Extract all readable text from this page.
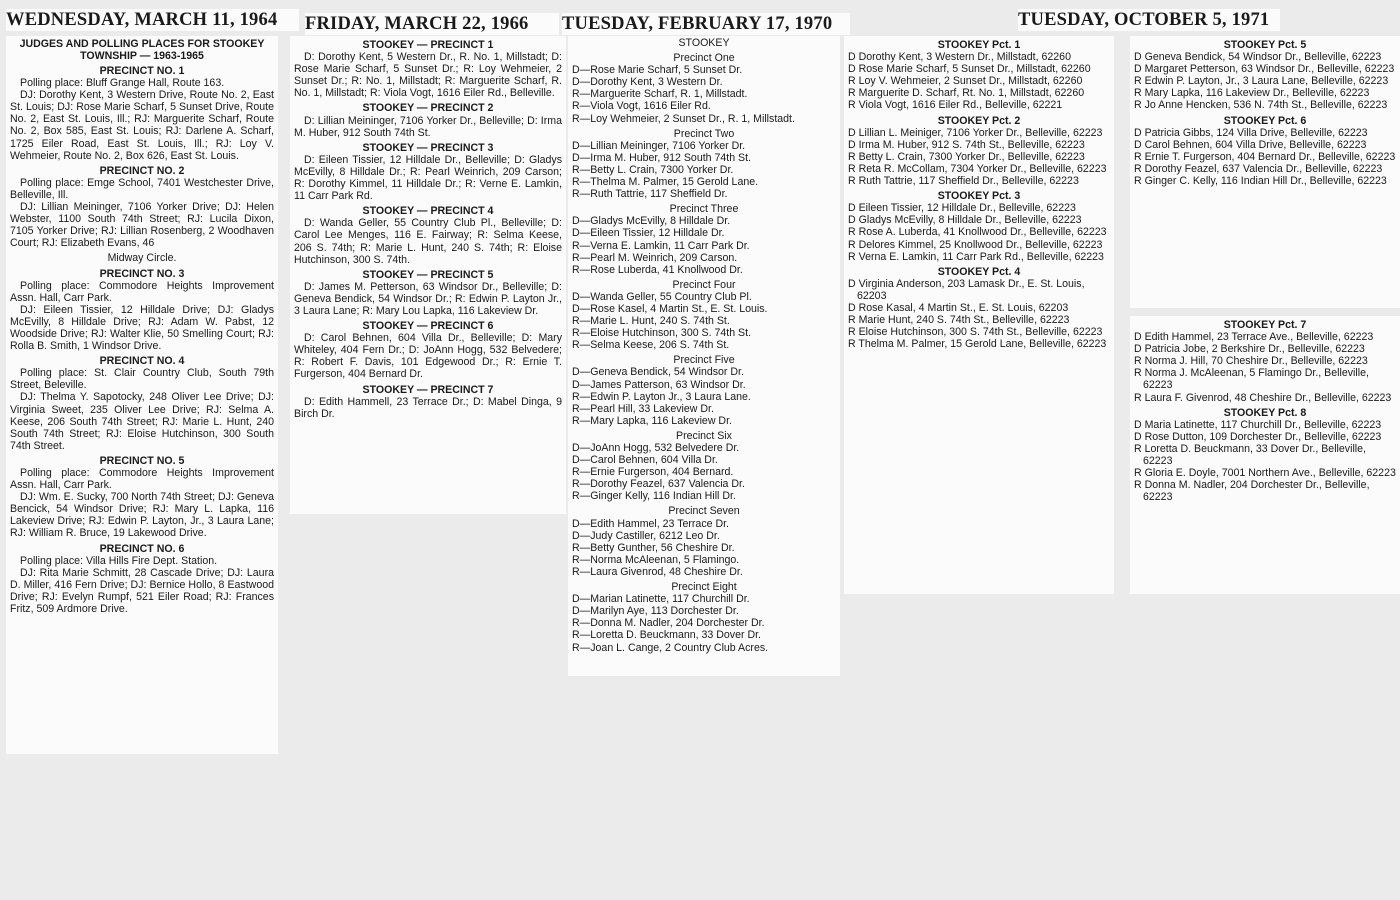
WEDNESDAY, MARCH 11, 1964	FRIDAY, MARCH 22, 1966	TUESDAY, FEBRUARY 17, 1970	TUESDAY, OCTOBER 5, 1971
JUDGES AND POLLING PLACES FOR STOOKEY TOWNSHIP — 1963-1965
PRECINCT NO. 1
Polling place: Bluff Grange Hall, Route 163.
DJ: Dorothy Kent, 3 Western Drive, Route No. 2, East St. Louis; DJ: Rose Marie Scharf, 5 Sunset Drive, Route No. 2, East St. Louis, Ill.; RJ: Marguerite Scharf, Route No. 2, Box 585, East St. Louis; RJ: Darlene A. Scharf, 1725 Eiler Road, East St. Louis, Ill.; RJ: Loy V. Wehmeier, Route No. 2, Box 626, East St. Louis.
PRECINCT NO. 2
Polling place: Emge School, 7401 Westchester Drive, Belleville, Ill.
DJ: Lillian Meininger, 7106 Yorker Drive; DJ: Helen Webster, 1100 South 74th Street; RJ: Lucila Dixon, 7105 Yorker Drive; RJ: Lillian Rosenberg, 2 Woodhaven Court; RJ: Elizabeth Evans, 46
Midway Circle.
PRECINCT NO. 3
Polling place: Commodore Heights Improvement Assn. Hall, Carr Park.
DJ: Eileen Tissier, 12 Hilldale Drive; DJ: Gladys McEvilly, 8 Hilldale Drive; RJ: Adam W. Pabst, 12 Woodside Drive; RJ: Walter Klie, 50 Smelling Court; RJ: Rolla B. Smith, 1 Windsor Drive.
PRECINCT NO. 4
Polling place: St. Clair Country Club, South 79th Street, Beleville.
DJ: Thelma Y. Sapotocky, 248 Oliver Lee Drive; DJ: Virginia Sweet, 235 Oliver Lee Drive; RJ: Selma A. Keese, 206 South 74th Street; RJ: Marie L. Hunt, 240 South 74th Street; RJ: Eloise Hutchinson, 300 South 74th Street.
PRECINCT NO. 5
Polling place: Commodore Heights Improvement Assn. Hall, Carr Park.
DJ: Wm. E. Sucky, 700 North 74th Street; DJ: Geneva Bencick, 54 Windsor Drive; RJ: Mary L. Lapka, 116 Lakeview Drive; RJ: Edwin P. Layton, Jr., 3 Laura Lane; RJ: William R. Bruce, 19 Lakewood Drive.
PRECINCT NO. 6
Polling place: Villa Hills Fire Dept. Station.
DJ: Rita Marie Schmitt, 28 Cascade Drive; DJ: Laura D. Miller, 416 Fern Drive; DJ: Bernice Hollo, 8 Eastwood Drive; RJ: Evelyn Rumpf, 521 Eiler Road; RJ: Frances Fritz, 509 Ardmore Drive.
STOOKEY — PRECINCT 1
D: Dorothy Kent, 5 Western Dr., R. No. 1, Millstadt; D: Rose Marie Scharf, 5 Sunset Dr.; R: Loy Wehmeier, 2 Sunset Dr.; R: No. 1, Millstadt; R: Marguerite Scharf, R. No. 1, Millstadt; R: Viola Vogt, 1616 Eiler Rd., Belleville.
STOOKEY — PRECINCT 2
D: Lillian Meininger, 7106 Yorker Dr., Belleville; D: Irma M. Huber, 912 South 74th St.
STOOKEY — PRECINCT 3
D: Eileen Tissier, 12 Hilldale Dr., Belleville; D: Gladys McEvilly, 8 Hilldale Dr.; R: Pearl Weinrich, 209 Carson; R: Dorothy Kimmel, 11 Hilldale Dr.; R: Verne E. Lamkin, 11 Carr Park Rd.
STOOKEY — PRECINCT 4
D: Wanda Geller, 55 Country Club Pl., Belleville; D: Carol Lee Menges, 116 E. Fairway; R: Selma Keese, 206 S. 74th; R: Marie L. Hunt, 240 S. 74th; R: Eloise Hutchinson, 300 S. 74th.
STOOKEY — PRECINCT 5
D: James M. Petterson, 63 Windsor Dr., Belleville; D: Geneva Bendick, 54 Windsor Dr.; R: Edwin P. Layton Jr., 3 Laura Lane; R: Mary Lou Lapka, 116 Lakeview Dr.
STOOKEY — PRECINCT 6
D: Carol Behnen, 604 Villa Dr., Belleville; D: Mary Whiteley, 404 Fern Dr.; D: JoAnn Hogg, 532 Belvedere; R: Robert F. Davis, 101 Edgewood Dr.; R: Ernie T. Furgerson, 404 Bernard Dr.
STOOKEY — PRECINCT 7
D: Edith Hammell, 23 Terrace Dr.; D: Mabel Dinga, 9 Birch Dr.
STOOKEY
Precinct One
D—Rose Marie Scharf, 5 Sunset Dr.
D—Dorothy Kent, 3 Western Dr.
R—Marguerite Scharf, R. 1, Millstadt.
R—Viola Vogt, 1616 Eiler Rd.
R—Loy Wehmeier, 2 Sunset Dr., R. 1, Millstadt.
Precinct Two
D—Lillian Meininger, 7106 Yorker Dr.
D—Irma M. Huber, 912 South 74th St.
R—Betty L. Crain, 7300 Yorker Dr.
R—Thelma M. Palmer, 15 Gerold Lane.
R—Ruth Tattrie, 117 Sheffield Dr.
Precinct Three
D—Gladys McEvilly, 8 Hilldale Dr.
D—Eileen Tissier, 12 Hilldale Dr.
R—Verna E. Lamkin, 11 Carr Park Dr.
R—Pearl M. Weinrich, 209 Carson.
R—Rose Luberda, 41 Knollwood Dr.
Precinct Four
D—Wanda Geller, 55 Country Club Pl.
D—Rose Kasel, 4 Martin St., E. St. Louis.
R—Marie L. Hunt, 240 S. 74th St.
R—Eloise Hutchinson, 300 S. 74th St.
R—Selma Keese, 206 S. 74th St.
Precinct Five
D—Geneva Bendick, 54 Windsor Dr.
D—James Patterson, 63 Windsor Dr.
R—Edwin P. Layton Jr., 3 Laura Lane.
R—Pearl Hill, 33 Lakeview Dr.
R—Mary Lapka, 116 Lakeview Dr.
Precinct Six
D—JoAnn Hogg, 532 Belvedere Dr.
D—Carol Behnen, 604 Villa Dr.
R—Ernie Furgerson, 404 Bernard.
R—Dorothy Feazel, 637 Valencia Dr.
R—Ginger Kelly, 116 Indian Hill Dr.
Precinct Seven
D—Edith Hammel, 23 Terrace Dr.
D—Judy Castiller, 6212 Leo Dr.
R—Betty Gunther, 56 Cheshire Dr.
R—Norma McAleenan, 5 Flamingo.
R—Laura Givenrod, 48 Cheshire Dr.
Precinct Eight
D—Marian Latinette, 117 Churchill Dr.
D—Marilyn Aye, 113 Dorchester Dr.
R—Donna M. Nadler, 204 Dorchester Dr.
R—Loretta D. Beuckmann, 33 Dover Dr.
R—Joan L. Cange, 2 Country Club Acres.
STOOKEY Pct. 1
D Dorothy Kent, 3 Western Dr., Millstadt, 62260
D Rose Marie Scharf, 5 Sunset Dr., Millstadt, 62260
R Loy V. Wehmeier, 2 Sunset Dr., Millstadt, 62260
R Marguerite D. Scharf, Rt. No. 1, Millstadt, 62260
R Viola Vogt, 1616 Eiler Rd., Belleville, 62221
STOOKEY Pct. 2
D Lillian L. Meiniger, 7106 Yorker Dr., Belleville, 62223
D Irma M. Huber, 912 S. 74th St., Belleville, 62223
R Betty L. Crain, 7300 Yorker Dr., Belleville, 62223
R Reta R. McCollam, 7304 Yorker Dr., Belleville, 62223
R Ruth Tattrie, 117 Sheffield Dr., Belleville, 62223
STOOKEY Pct. 3
D Eileen Tissier, 12 Hilldale Dr., Belleville, 62223
D Gladys McEvilly, 8 Hilldale Dr., Belleville, 62223
R Rose A. Luberda, 41 Knollwood Dr., Belleville, 62223
R Delores Kimmel, 25 Knollwood Dr., Belleville, 62223
R Verna E. Lamkin, 11 Carr Park Rd., Belleville, 62223
STOOKEY Pct. 4
D Virginia Anderson, 203 Lamask Dr., E. St. Louis, 62203
D Rose Kasal, 4 Martin St., E. St. Louis, 62203
R Marie Hunt, 240 S. 74th St., Belleville, 62223
R Eloise Hutchinson, 300 S. 74th St., Belleville, 62223
R Thelma M. Palmer, 15 Gerold Lane, Belleville, 62223
STOOKEY Pct. 5
D Geneva Bendick, 54 Windsor Dr., Belleville, 62223
D Margaret Petterson, 63 Windsor Dr., Belleville, 62223
R Edwin P. Layton, Jr., 3 Laura Lane, Belleville, 62223
R Mary Lapka, 116 Lakeview Dr., Belleville, 62223
R Jo Anne Hencken, 536 N. 74th St., Belleville, 62223
STOOKEY Pct. 6
D Patricia Gibbs, 124 Villa Drive, Belleville, 62223
D Carol Behnen, 604 Villa Drive, Belleville, 62223
R Ernie T. Furgerson, 404 Bernard Dr., Belleville, 62223
R Dorothy Feazel, 637 Valencia Dr., Belleville, 62223
R Ginger C. Kelly, 116 Indian Hill Dr., Belleville, 62223
STOOKEY Pct. 7
D Edith Hammel, 23 Terrace Ave., Belleville, 62223
D Patricia Jobe, 2 Berkshire Dr., Belleville, 62223
R Norma J. Hill, 70 Cheshire Dr., Belleville, 62223
R Norma J. McAleenan, 5 Flamingo Dr., Belleville, 62223
R Laura F. Givenrod, 48 Cheshire Dr., Belleville, 62223
STOOKEY Pct. 8
D Maria Latinette, 117 Churchill Dr., Belleville, 62223
D Rose Dutton, 109 Dorchester Dr., Belleville, 62223
R Loretta D. Beuckmann, 33 Dover Dr., Belleville, 62223
R Gloria E. Doyle, 7001 Northern Ave., Belleville, 62223
R Donna M. Nadler, 204 Dorchester Dr., Belleville, 62223
